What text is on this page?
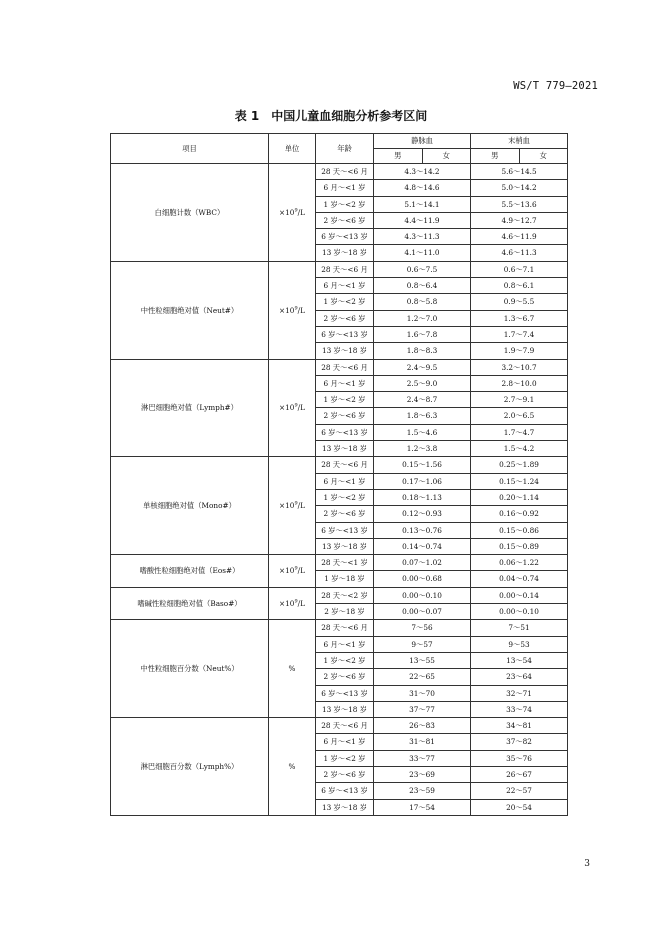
WS/T 779—2021
表 1　中国儿童血细胞分析参考区间
项目	单位	年龄	静脉血		末梢血	
			男	女	男	女
白细胞计数（WBC）	$\times 10^9/L$	28 天～<6 月	4.3～14.2		5.6～14.5	
		6 月～<1 岁	4.8～14.6		5.0～14.2	
		1 岁～<2 岁	5.1～14.1		5.5～13.6	
		2 岁～<6 岁	4.4～11.9		4.9～12.7	
		6 岁～<13 岁	4.3～11.3		4.6～11.9	
		13 岁～18 岁	4.1～11.0		4.6～11.3	
中性粒细胞绝对值（Neut#）	$\times 10^9/L$	28 天～<6 月	0.6～7.5		0.6～7.1	
		6 月～<1 岁	0.8～6.4		0.8～6.1	
		1 岁～<2 岁	0.8～5.8		0.9～5.5	
		2 岁～<6 岁	1.2～7.0		1.3～6.7	
		6 岁～<13 岁	1.6～7.8		1.7～7.4	
		13 岁～18 岁	1.8～8.3		1.9～7.9	
淋巴细胞绝对值（Lymph#）	$\times 10^9/L$	28 天～<6 月	2.4～9.5		3.2～10.7	
		6 月～<1 岁	2.5～9.0		2.8～10.0	
		1 岁～<2 岁	2.4～8.7		2.7～9.1	
		2 岁～<6 岁	1.8～6.3		2.0～6.5	
		6 岁～<13 岁	1.5～4.6		1.7～4.7	
		13 岁～18 岁	1.2～3.8		1.5～4.2	
单核细胞绝对值（Mono#）	$\times 10^9/L$	28 天～<6 月	0.15～1.56		0.25～1.89	
		6 月～<1 岁	0.17～1.06		0.15～1.24	
		1 岁～<2 岁	0.18～1.13		0.20～1.14	
		2 岁～<6 岁	0.12～0.93		0.16～0.92	
		6 岁～<13 岁	0.13～0.76		0.15～0.86	
		13 岁～18 岁	0.14～0.74		0.15～0.89	
嗜酸性粒细胞绝对值（Eos#）	$\times 10^9/L$	28 天～<1 岁	0.07～1.02		0.06～1.22	
		1 岁～18 岁	0.00～0.68		0.04～0.74	
嗜碱性粒细胞绝对值（Baso#）	$\times 10^9/L$	28 天～<2 岁	0.00～0.10		0.00～0.14	
		2 岁～18 岁	0.00～0.07		0.00～0.10	
中性粒细胞百分数（Neut%）	%	28 天～<6 月	7～56		7～51	
		6 月～<1 岁	9～57		9～53	
		1 岁～<2 岁	13～55		13～54	
		2 岁～<6 岁	22～65		23～64	
		6 岁～<13 岁	31～70		32～71	
		13 岁～18 岁	37～77		33～74	
淋巴细胞百分数（Lymph%）	%	28 天～<6 月	26～83		34～81	
		6 月～<1 岁	31～81		37～82	
		1 岁～<2 岁	33～77		35～76	
		2 岁～<6 岁	23～69		26～67	
		6 岁～<13 岁	23～59		22～57	
		13 岁～18 岁	17～54		20～54	
3
